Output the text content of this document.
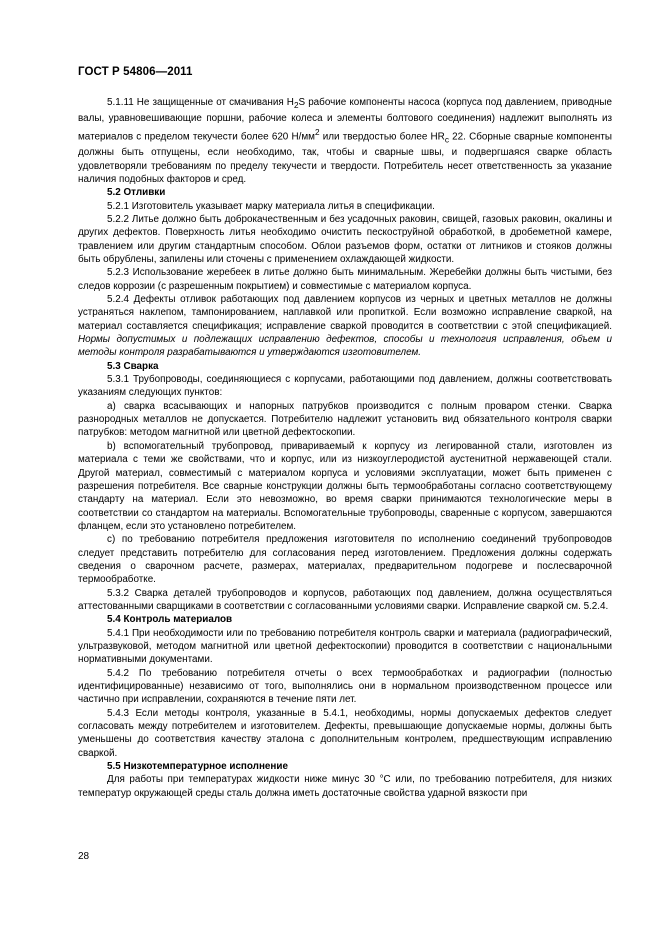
ГОСТ Р 54806—2011

5.1.11 Не защищенные от смачивания $H_2S$ рабочие компоненты насоса (корпуса под давлением, приводные валы, уравновешивающие поршни, рабочие колеса и элементы болтового соединения) надлежит выполнять из материалов с пределом текучести более 620 $Н/мм^2$ или твердостью более $HR_c$ 22. Сборные сварные компоненты должны быть отпущены, если необходимо, так, чтобы и сварные швы, и подвергшаяся сварке область удовлетворяли требованиям по пределу текучести и твердости. Потребитель несет ответственность за указание наличия подобных факторов и сред.

5.2 Отливки

5.2.1 Изготовитель указывает марку материала литья в спецификации.

5.2.2 Литье должно быть доброкачественным и без усадочных раковин, свищей, газовых раковин, окалины и других дефектов. Поверхность литья необходимо очистить пескоструйной обработкой, в дробеметной камере, травлением или другим стандартным способом. Облои разъемов форм, остатки от литников и стояков должны быть обрублены, запилены или сточены с применением охлаждающей жидкости.

5.2.3 Использование жеребеек в литье должно быть минимальным. Жеребейки должны быть чистыми, без следов коррозии (с разрешенным покрытием) и совместимые с материалом корпуса.

5.2.4 Дефекты отливок работающих под давлением корпусов из черных и цветных металлов не должны устраняться наклепом, тампонированием, наплавкой или пропиткой. Если возможно исправление сваркой, на материал составляется спецификация; исправление сваркой проводится в соответствии с этой спецификацией. Нормы допустимых и подлежащих исправлению дефектов, способы и технология исправления, объем и методы контроля разрабатываются и утверждаются изготовителем.

5.3 Сварка

5.3.1 Трубопроводы, соединяющиеся с корпусами, работающими под давлением, должны соответствовать указаниям следующих пунктов:

а) сварка всасывающих и напорных патрубков производится с полным проваром стенки. Сварка разнородных металлов не допускается. Потребителю надлежит установить вид обязательного контроля сварки патрубков: методом магнитной или цветной дефектоскопии.

b) вспомогательный трубопровод, привариваемый к корпусу из легированной стали, изготовлен из материала с теми же свойствами, что и корпус, или из низкоуглеродистой аустенитной нержавеющей стали. Другой материал, совместимый с материалом корпуса и условиями эксплуатации, может быть применен с разрешения потребителя. Все сварные конструкции должны быть термообработаны согласно соответствующему стандарту на материал. Если это невозможно, во время сварки принимаются технологические меры в соответствии со стандартом на материалы. Вспомогательные трубопроводы, сваренные с корпусом, завершаются фланцем, если это установлено потребителем.

c) по требованию потребителя предложения изготовителя по исполнению соединений трубопроводов следует представить потребителю для согласования перед изготовлением. Предложения должны содержать сведения о сварочном расчете, размерах, материалах, предварительном подогреве и послесварочной термообработке.

5.3.2 Сварка деталей трубопроводов и корпусов, работающих под давлением, должна осуществляться аттестованными сварщиками в соответствии с согласованными условиями сварки. Исправление сваркой см. 5.2.4.

5.4 Контроль материалов

5.4.1 При необходимости или по требованию потребителя контроль сварки и материала (радиографический, ультразвуковой, методом магнитной или цветной дефектоскопии) проводится в соответствии с национальными нормативными документами.

5.4.2 По требованию потребителя отчеты о всех термообработках и радиографии (полностью идентифицированные) независимо от того, выполнялись они в нормальном производственном процессе или частично при исправлении, сохраняются в течение пяти лет.

5.4.3 Если методы контроля, указанные в 5.4.1, необходимы, нормы допускаемых дефектов следует согласовать между потребителем и изготовителем. Дефекты, превышающие допускаемые нормы, должны быть уменьшены до соответствия качеству эталона с дополнительным контролем, предшествующим исправлению сваркой.

5.5 Низкотемпературное исполнение

Для работы при температурах жидкости ниже минус 30 °C или, по требованию потребителя, для низких температур окружающей среды сталь должна иметь достаточные свойства ударной вязкости при

28
